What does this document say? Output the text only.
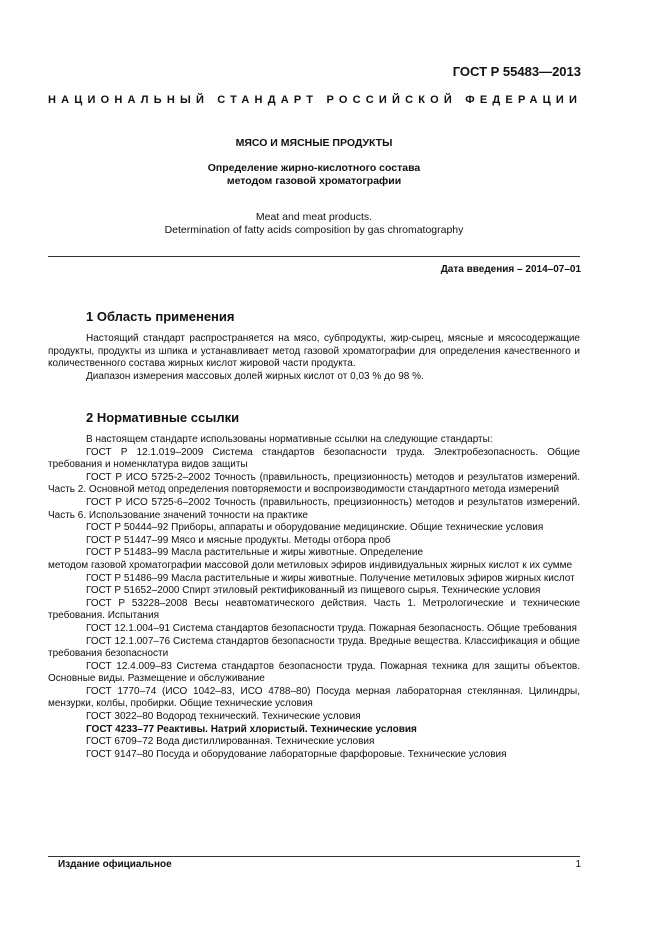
ГОСТ Р 55483—2013

НАЦИОНАЛЬНЫЙ СТАНДАРТ РОССИЙСКОЙ ФЕДЕРАЦИИ

МЯСО И МЯСНЫЕ ПРОДУКТЫ

Определение жирно-кислотного состава
методом газовой хроматографии
Meat and meat products.
Determination of fatty acids composition by gas chromatography

Дата введения – 2014–07–01

1 Область применения

Настоящий стандарт распространяется на мясо, субпродукты, жир-сырец, мясные и мясосодержащие продукты, продукты из шпика и устанавливает метод газовой хроматографии для определения качественного и количественного состава жирных кислот жировой части продукта.

Диапазон измерения массовых долей жирных кислот от 0,03 % до 98 %.

2 Нормативные ссылки

В настоящем стандарте использованы нормативные ссылки на следующие стандарты:

ГОСТ Р 12.1.019–2009 Система стандартов безопасности труда. Электробезопасность. Общие требования и номенклатура видов защиты

ГОСТ Р ИСО 5725-2–2002 Точность (правильность, прецизионность) методов и результатов измерений. Часть 2. Основной метод определения повторяемости и воспроизводимости стандартного метода измерений

ГОСТ Р ИСО 5725-6–2002 Точность (правильность, прецизионность) методов и результатов измерений. Часть 6. Использование значений точности на практике

ГОСТ Р 50444–92 Приборы, аппараты и оборудование медицинские. Общие технические условия

ГОСТ Р 51447–99 Мясо и мясные продукты. Методы отбора проб

ГОСТ Р 51483–99 Масла растительные и жиры животные. Определение

методом газовой хроматографии массовой доли метиловых эфиров индивидуальных жирных кислот к их сумме

ГОСТ Р 51486–99 Масла растительные и жиры животные. Получение метиловых эфиров жирных кислот

ГОСТ Р 51652–2000 Спирт этиловый ректификованный из пищевого сырья. Технические условия

ГОСТ Р 53228–2008 Весы неавтоматического действия. Часть 1. Метрологические и технические требования. Испытания

ГОСТ 12.1.004–91 Система стандартов безопасности труда. Пожарная безопасность. Общие требования

ГОСТ 12.1.007–76 Система стандартов безопасности труда. Вредные вещества. Классификация и общие требования безопасности

ГОСТ 12.4.009–83 Система стандартов безопасности труда. Пожарная техника для защиты объектов. Основные виды. Размещение и обслуживание

ГОСТ 1770–74 (ИСО 1042–83, ИСО 4788–80) Посуда мерная лабораторная стеклянная. Цилиндры, мензурки, колбы, пробирки. Общие технические условия

ГОСТ 3022–80 Водород технический. Технические условия

ГОСТ 4233–77 Реактивы. Натрий хлористый. Технические условия

ГОСТ 6709–72 Вода дистиллированная. Технические условия

ГОСТ 9147–80 Посуда и оборудование лабораторные фарфоровые. Технические условия

Издание официальное	1
